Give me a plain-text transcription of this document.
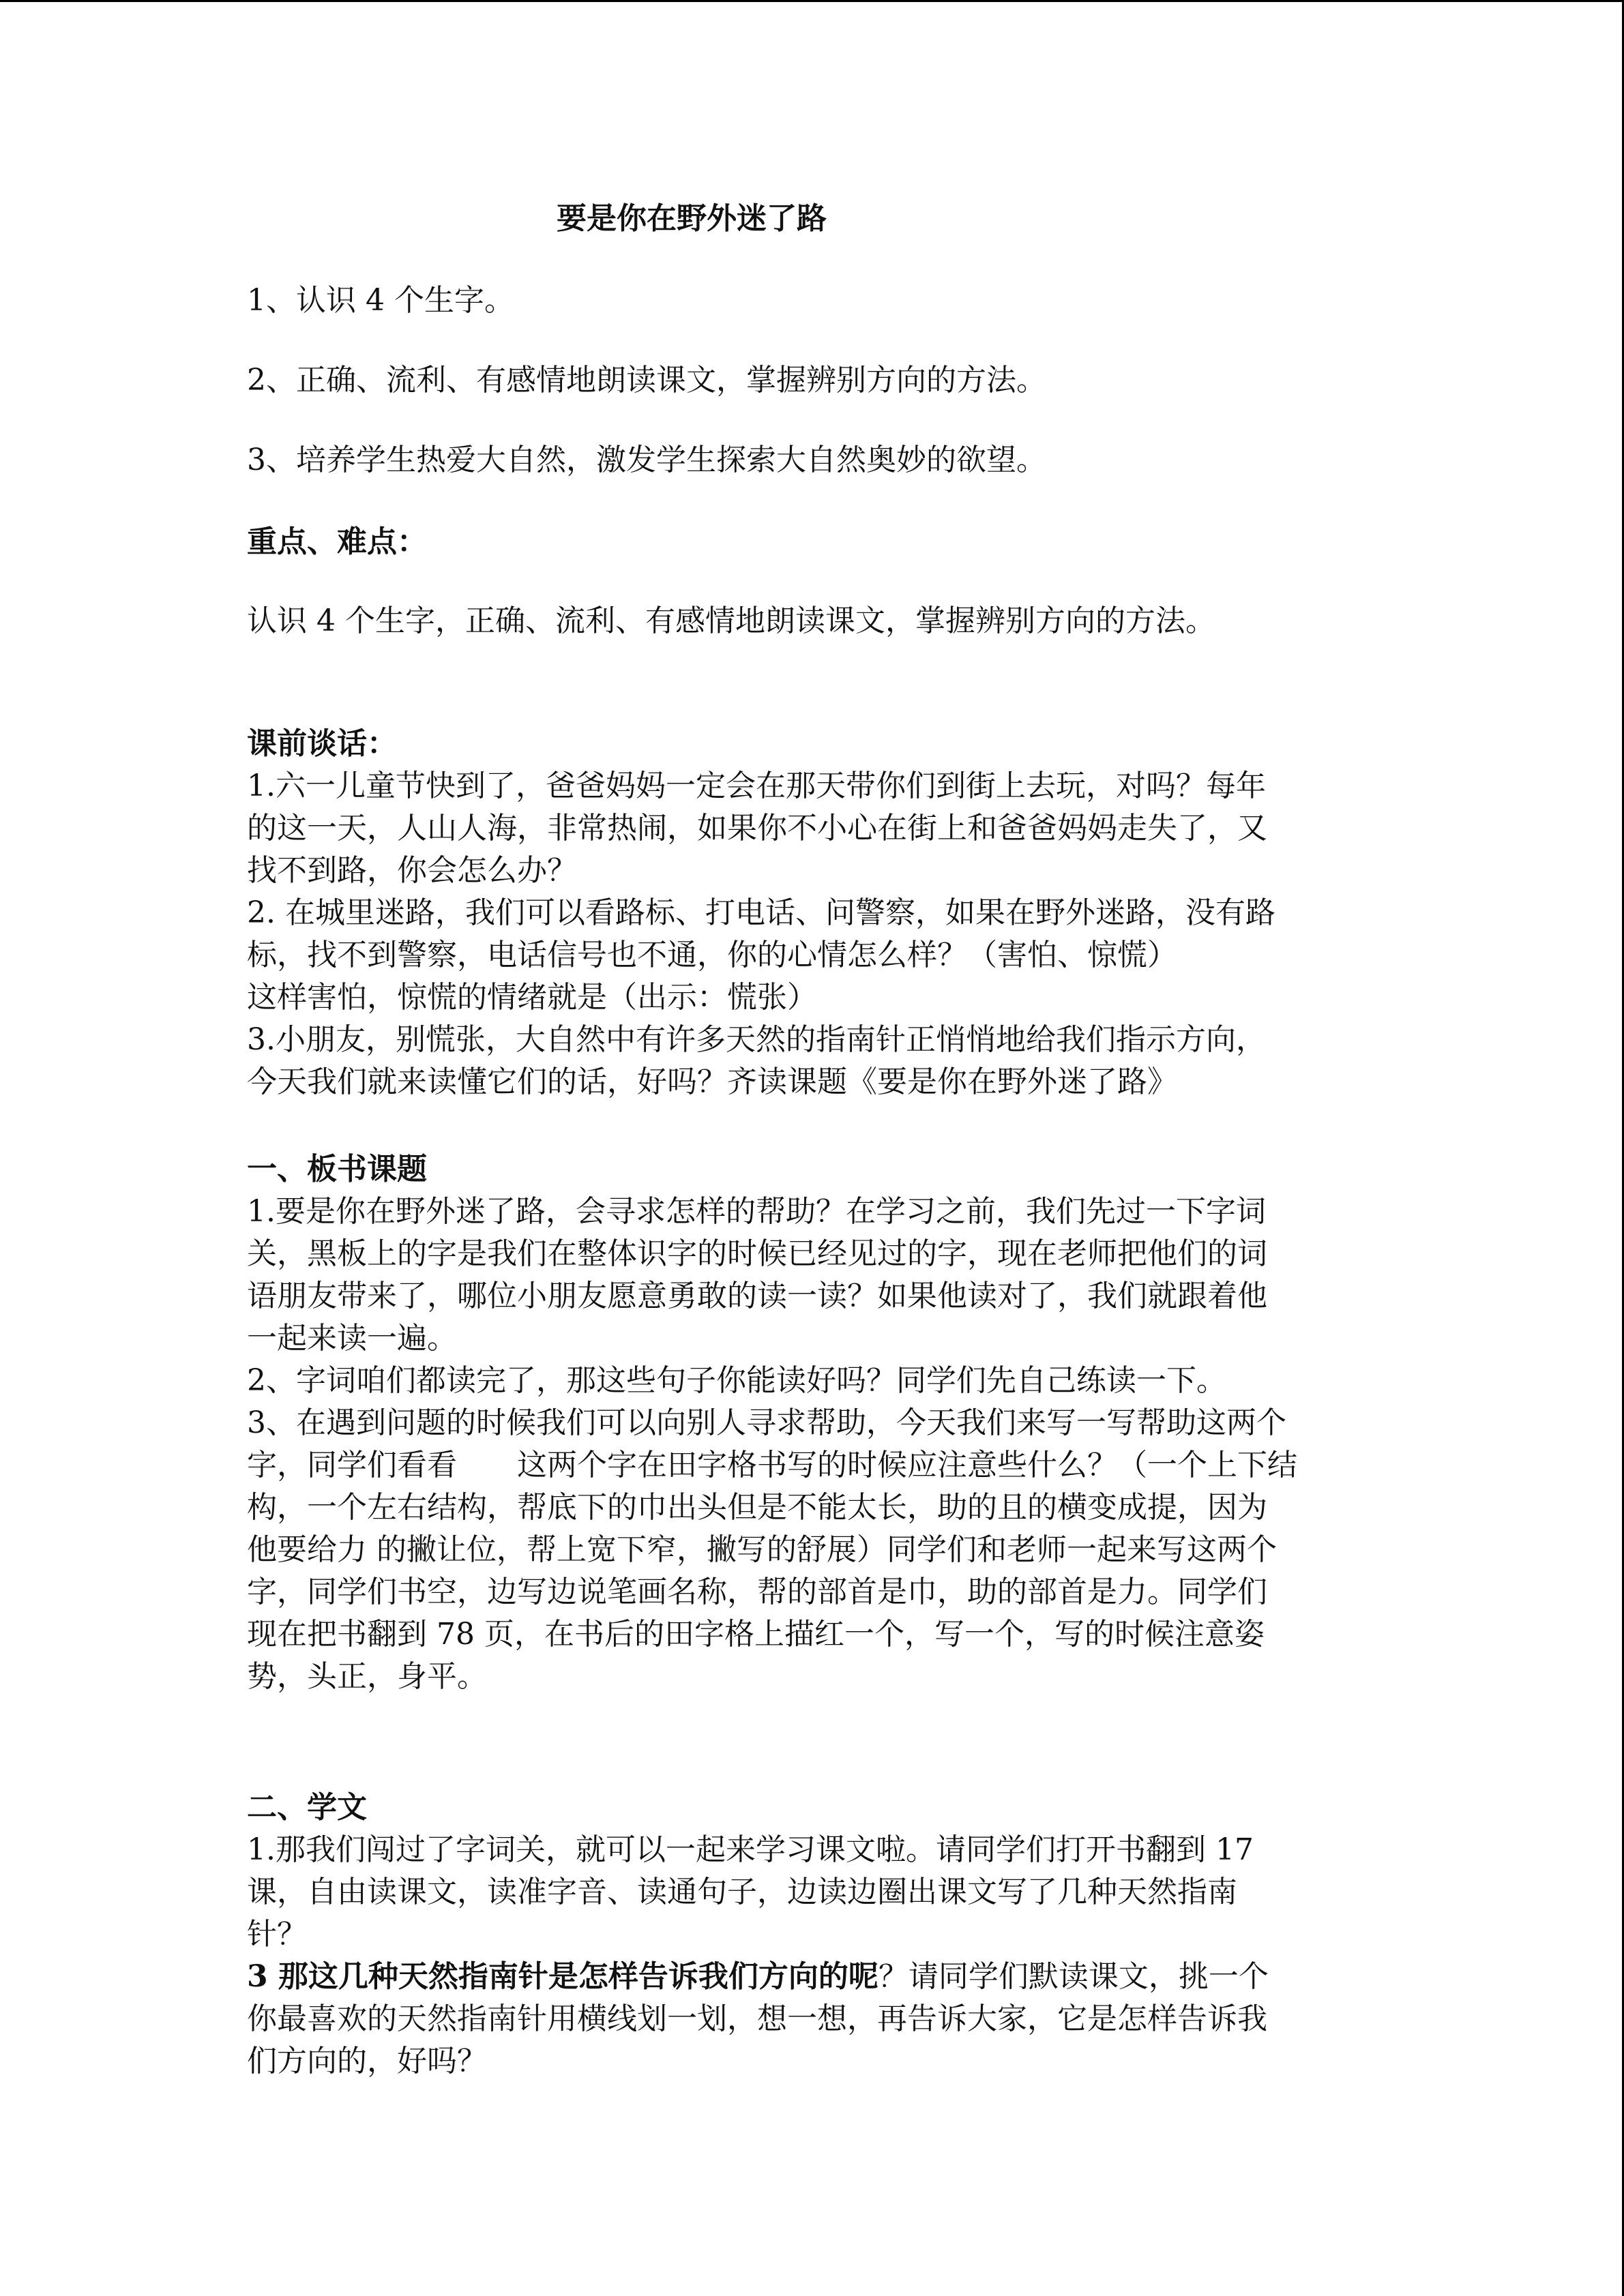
要是你在野外迷了路
1、认识 4 个生字。
2、正确、流利、有感情地朗读课文，掌握辨别方向的方法。
3、培养学生热爱大自然，激发学生探索大自然奥妙的欲望。
重点、难点：
认识 4 个生字，正确、流利、有感情地朗读课文，掌握辨别方向的方法。
课前谈话：
1.六一儿童节快到了，爸爸妈妈一定会在那天带你们到街上去玩，对吗？每年
的这一天，人山人海，非常热闹，如果你不小心在街上和爸爸妈妈走失了，又
找不到路，你会怎么办？
2. 在城里迷路，我们可以看路标、打电话、问警察，如果在野外迷路，没有路
标，找不到警察，电话信号也不通，你的心情怎么样？（害怕、惊慌）
这样害怕，惊慌的情绪就是（出示：慌张）
3.小朋友，别慌张，大自然中有许多天然的指南针正悄悄地给我们指示方向，
今天我们就来读懂它们的话，好吗？齐读课题《要是你在野外迷了路》
一、板书课题
1.要是你在野外迷了路，会寻求怎样的帮助？在学习之前，我们先过一下字词
关，黑板上的字是我们在整体识字的时候已经见过的字，现在老师把他们的词
语朋友带来了，哪位小朋友愿意勇敢的读一读？如果他读对了，我们就跟着他
一起来读一遍。
2、字词咱们都读完了，那这些句子你能读好吗？同学们先自己练读一下。
3、在遇到问题的时候我们可以向别人寻求帮助，今天我们来写一写帮助这两个
字，同学们看看　　这两个字在田字格书写的时候应注意些什么？（一个上下结
构，一个左右结构，帮底下的巾出头但是不能太长，助的且的横变成提，因为
他要给力 的撇让位，帮上宽下窄，撇写的舒展）同学们和老师一起来写这两个
字，同学们书空，边写边说笔画名称，帮的部首是巾，助的部首是力。同学们
现在把书翻到 78 页，在书后的田字格上描红一个，写一个，写的时候注意姿
势，头正，身平。
二、学文
1.那我们闯过了字词关，就可以一起来学习课文啦。请同学们打开书翻到 17
课，自由读课文，读准字音、读通句子，边读边圈出课文写了几种天然指南
针？
3 那这几种天然指南针是怎样告诉我们方向的呢？请同学们默读课文，挑一个
你最喜欢的天然指南针用横线划一划，想一想，再告诉大家，它是怎样告诉我
们方向的，好吗？
